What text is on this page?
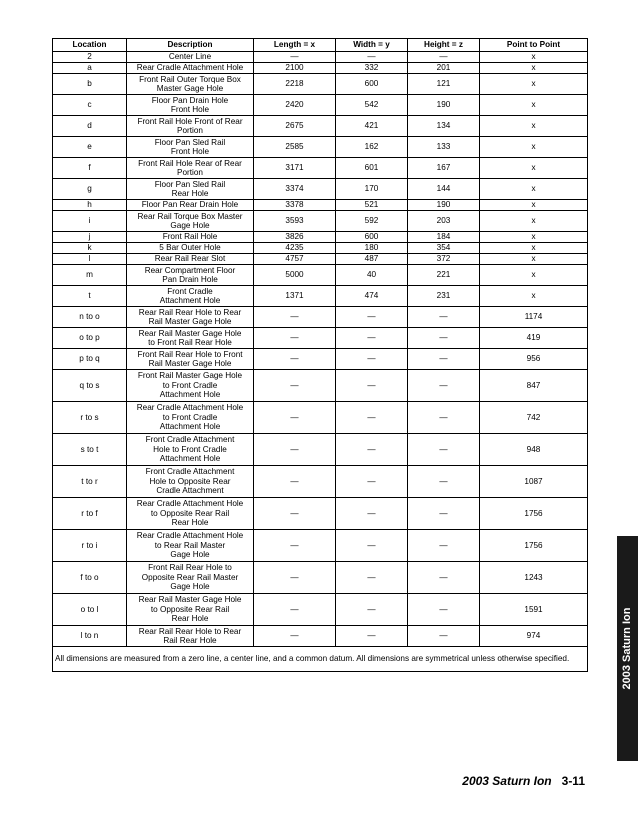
Location	Description	Length = x	Width = y	Height = z	Point to Point
2	Center Line	—	—	—	x
a	Rear Cradle Attachment Hole	2100	332	201	x
b	Front Rail Outer Torque Box
Master Gage Hole	2218	600	121	x
c	Floor Pan Drain Hole
Front Hole	2420	542	190	x
d	Front Rail Hole Front of Rear
Portion	2675	421	134	x
e	Floor Pan Sled Rail
Front Hole	2585	162	133	x
f	Front Rail Hole Rear of Rear
Portion	3171	601	167	x
g	Floor Pan Sled Rail
Rear Hole	3374	170	144	x
h	Floor Pan Rear Drain Hole	3378	521	190	x
i	Rear Rail Torque Box Master
Gage Hole	3593	592	203	x
j	Front Rail Hole	3826	600	184	x
k	5 Bar Outer Hole	4235	180	354	x
l	Rear Rail Rear Slot	4757	487	372	x
m	Rear Compartment Floor
Pan Drain Hole	5000	40	221	x
t	Front Cradle
Attachment Hole	1371	474	231	x
n to o	Rear Rail Rear Hole to Rear
Rail Master Gage Hole	—	—	—	1174
o to p	Rear Rail Master Gage Hole
to Front Rail Rear Hole	—	—	—	419
p to q	Front Rail Rear Hole to Front
Rail Master Gage Hole	—	—	—	956
q to s	Front Rail Master Gage Hole
to Front Cradle
Attachment Hole	—	—	—	847
r to s	Rear Cradle Attachment Hole
to Front Cradle
Attachment Hole	—	—	—	742
s to t	Front Cradle Attachment
Hole to Front Cradle
Attachment Hole	—	—	—	948
t to r	Front Cradle Attachment
Hole to Opposite Rear
Cradle Attachment	—	—	—	1087
r to f	Rear Cradle Attachment Hole
to Opposite Rear Rail
Rear Hole	—	—	—	1756
r to i	Rear Cradle Attachment Hole
to Rear Rail Master
Gage Hole	—	—	—	1756
f to o	Front Rail Rear Hole to
Opposite Rear Rail Master
Gage Hole	—	—	—	1243
o to l	Rear Rail Master Gage Hole
to Opposite Rear Rail
Rear Hole	—	—	—	1591
l to n	Rear Rail Rear Hole to Rear
Rail Rear Hole	—	—	—	974
All dimensions are measured from a zero line, a center line, and a common datum. All dimensions are symmetrical unless otherwise specified.						2003 Saturn Ion
2003 Saturn Ion 3-11
